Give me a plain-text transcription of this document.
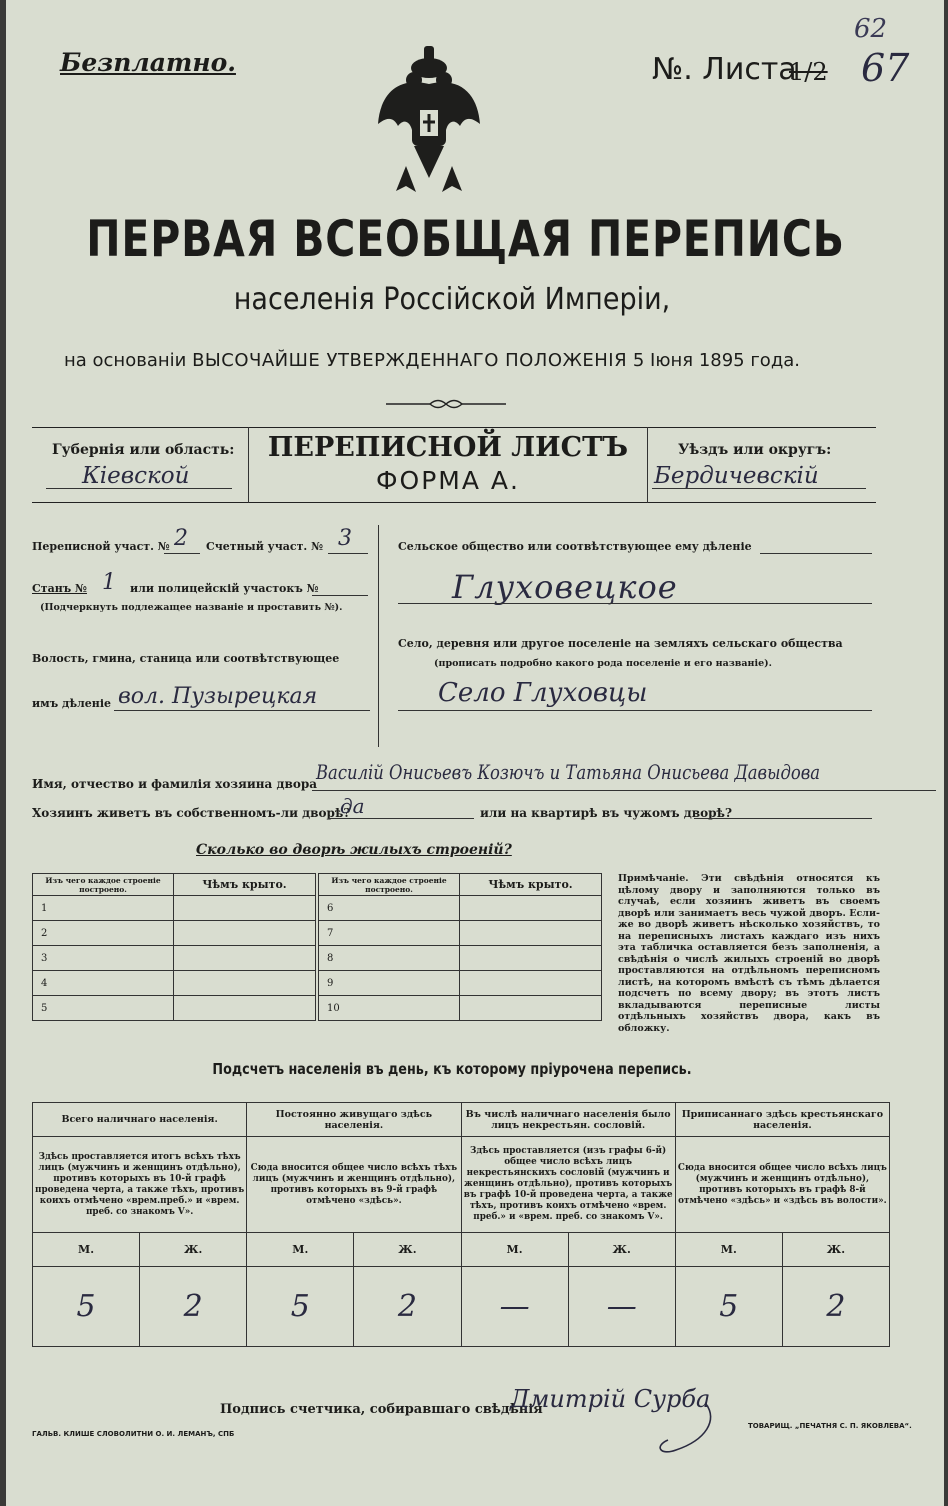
Безплатно.
62
№. Листа
1/2 67
ПЕРВАЯ ВСЕОБЩАЯ ПЕРЕПИСЬ
населенія Россійской Имперіи,
на основаніи ВЫСОЧАЙШЕ УТВЕРЖДЕННАГО ПОЛОЖЕНІЯ 5 Іюня 1895 года.
Губернія или область:
Кіевской
ПЕРЕПИСНОЙ ЛИСТЪ
ФОРМА А.
Уѣздъ или округъ:
Бердичевскій
Переписной участ. № 2 Счетный участ. № 3
Станъ № 1 или полицейскій участокъ №
(Подчеркнуть подлежащее названіе и проставить №).
Волость, гмина, станица или соотвѣтствующее
имъ дѣленіе вол. Пузырецкая
Сельское общество или соотвѣтствующее ему дѣленіе
Глуховецкое
Село, деревня или другое поселеніе на земляхъ сельскаго общества
(прописать подробно какого рода поселеніе и его названіе).
Село Глуховцы
Имя, отчество и фамилія хозяина двора Василій Онисьевъ Козючъ и Татьяна Онисьева Давыдова
Хозяинъ живетъ въ собственномъ-ли дворѣ?
да	или на квартирѣ въ чужомъ дворѣ?
Сколько во дворѣ жилыхъ строеній?
Изъ чего каждое строеніе построено.	Чѣмъ крыто.
1	
2	
3	
4	
5	
Изъ чего каждое строеніе построено.	Чѣмъ крыто.
6	
7	
8	
9	
10	
Примѣчаніе. Эти свѣдѣнія относятся къ цѣлому двору и заполняются только въ случаѣ, если хозяинъ живетъ въ своемъ дворѣ или занимаетъ весь чужой дворъ. Если-же во дворѣ живетъ нѣсколько хозяйствъ, то на переписныхъ листахъ каждаго изъ нихъ эта табличка оставляется безъ заполненія, а свѣдѣнія о числѣ жилыхъ строеній во дворѣ проставляются на отдѣльномъ переписномъ листѣ, на которомъ вмѣстѣ съ тѣмъ дѣлается подсчетъ по всему двору; въ этотъ листъ вкладываются переписные листы отдѣльныхъ хозяйствъ двора, какъ въ обложку.
Подсчетъ населенія въ день, къ которому пріурочена перепись.
Всего наличнаго населенія.		Постоянно живущаго здѣсь населенія.		Въ числѣ наличнаго населенія было лицъ некрестьян. сословій.		Приписаннаго здѣсь крестьянскаго населенія.	
Здѣсь проставляется итогъ всѣхъ тѣхъ лицъ (мужчинъ и женщинъ отдѣльно), противъ которыхъ въ 10-й графѣ проведена черта, а также тѣхъ, противъ коихъ отмѣчено «врем.преб.» и «врем. преб. со знакомъ V».		Сюда вносится общее число всѣхъ тѣхъ лицъ (мужчинъ и женщинъ отдѣльно), противъ которыхъ въ 9-й графѣ отмѣчено «здѣсь».		Здѣсь проставляется (изъ графы 6-й) общее число всѣхъ лицъ некрестьянскихъ сословій (мужчинъ и женщинъ отдѣльно), противъ которыхъ въ графѣ 10-й проведена черта, а также тѣхъ, противъ коихъ отмѣчено «врем. преб.» и «врем. преб. со знакомъ V».		Сюда вносится общее число всѣхъ лицъ (мужчинъ и женщинъ отдѣльно), противъ которыхъ въ графѣ 8-й отмѣчено «здѣсь» и «здѣсь въ волости».	
М.	Ж.	М.	Ж.	М.	Ж.	М.	Ж.
5	2	5	2	—	—	5	2
Подпись счетчика, собиравшаго свѣдѣнія
Дмитрій Сурба
ГАЛЬВ. КЛИШЕ СЛОВОЛИТНИ О. И. ЛЕМАНЪ, СПБ
ТОВАРИЩ. „ПЕЧАТНЯ С. П. ЯКОВЛЕВА“.
